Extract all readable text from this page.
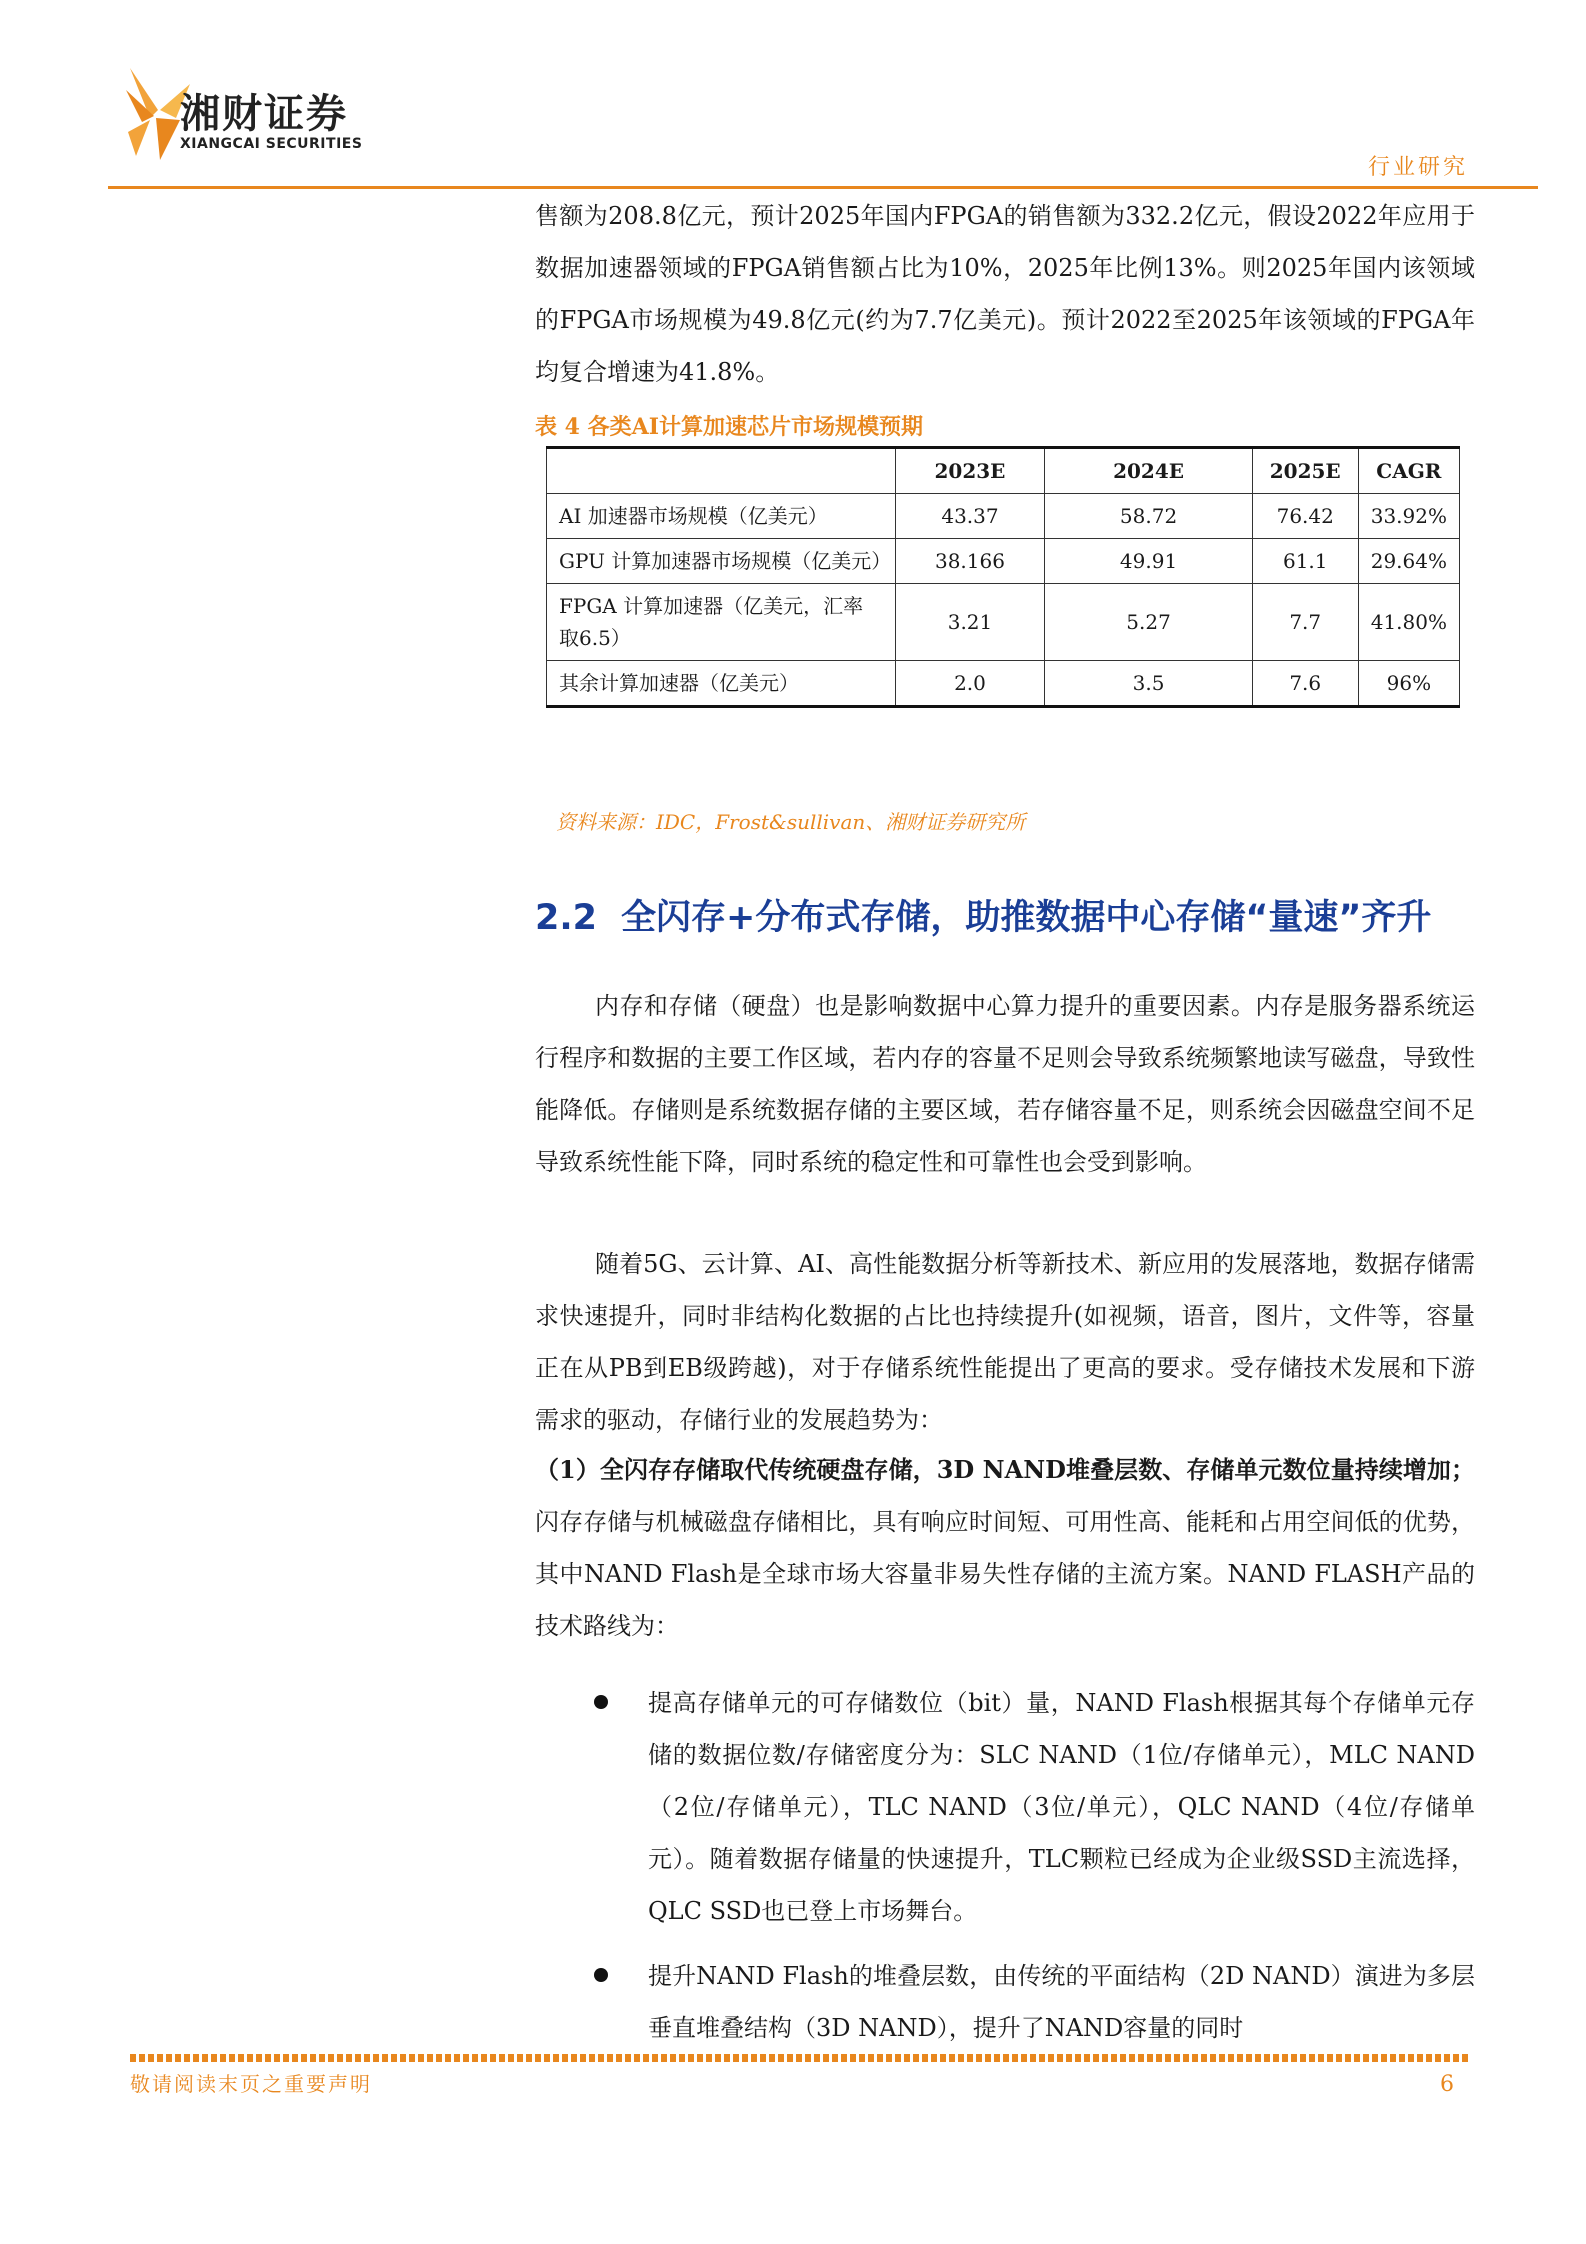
湘财证券
XIANGCAI SECURITIES
行业研究
售额为208.8亿元，预计2025年国内FPGA的销售额为332.2亿元，假设2022年应用于数据加速器领域的FPGA销售额占比为10%，2025年比例13%。则2025年国内该领域的FPGA市场规模为49.8亿元(约为7.7亿美元)。预计2022至2025年该领域的FPGA年均复合增速为41.8%。
表 4 各类AI计算加速芯片市场规模预期
	2023E	2024E	2025E	CAGR
AI 加速器市场规模（亿美元）	43.37	58.72	76.42	33.92%
GPU 计算加速器市场规模（亿美元）	38.166	49.91	61.1	29.64%
FPGA 计算加速器（亿美元，汇率取6.5）	3.21	5.27	7.7	41.80%
其余计算加速器（亿美元）	2.0	3.5	7.6	96%
资料来源：IDC，Frost&sullivan、湘财证券研究所
2.2 全闪存+分布式存储，助推数据中心存储“量速”齐升
内存和存储（硬盘）也是影响数据中心算力提升的重要因素。内存是服务器系统运行程序和数据的主要工作区域，若内存的容量不足则会导致系统频繁地读写磁盘，导致性能降低。存储则是系统数据存储的主要区域，若存储容量不足，则系统会因磁盘空间不足导致系统性能下降，同时系统的稳定性和可靠性也会受到影响。
随着5G、云计算、AI、高性能数据分析等新技术、新应用的发展落地，数据存储需求快速提升，同时非结构化数据的占比也持续提升(如视频，语音，图片，文件等，容量正在从PB到EB级跨越)，对于存储系统性能提出了更高的要求。受存储技术发展和下游需求的驱动，存储行业的发展趋势为：
（1）全闪存存储取代传统硬盘存储，3D NAND堆叠层数、存储单元数位量持续增加；闪存存储与机械磁盘存储相比，具有响应时间短、可用性高、能耗和占用空间低的优势，其中NAND Flash是全球市场大容量非易失性存储的主流方案。NAND FLASH产品的技术路线为：
提高存储单元的可存储数位（bit）量，NAND Flash根据其每个存储单元存储的数据位数/存储密度分为：SLC NAND（1位/存储单元），MLC NAND（2位/存储单元），TLC NAND（3位/单元），QLC NAND（4位/存储单元）。随着数据存储量的快速提升，TLC颗粒已经成为企业级SSD主流选择，QLC SSD也已登上市场舞台。
提升NAND Flash的堆叠层数，由传统的平面结构（2D NAND）演进为多层垂直堆叠结构（3D NAND），提升了NAND容量的同时
敬请阅读末页之重要声明	6
